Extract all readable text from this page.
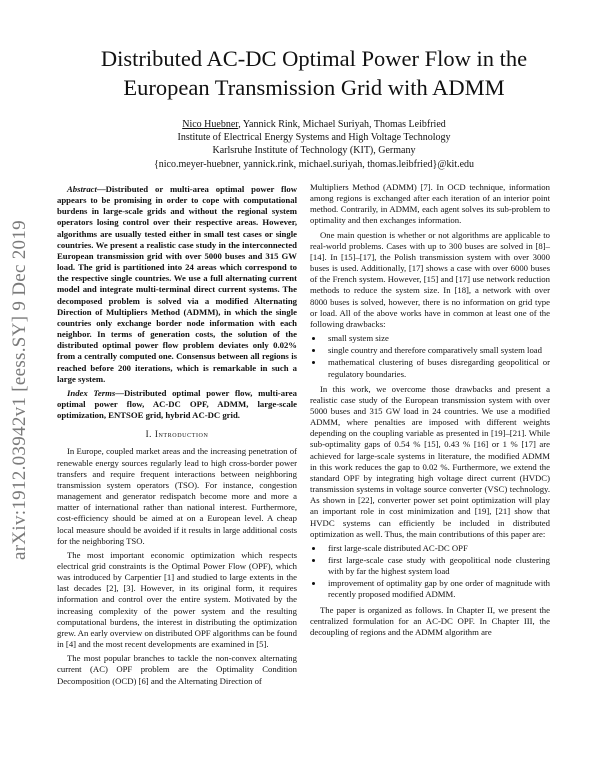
arXiv:1912.03942v1 [eess.SY] 9 Dec 2019
Distributed AC-DC Optimal Power Flow in the
European Transmission Grid with ADMM
Nico Huebner, Yannick Rink, Michael Suriyah, Thomas Leibfried
Institute of Electrical Energy Systems and High Voltage Technology
Karlsruhe Institute of Technology (KIT), Germany
{nico.meyer-huebner, yannick.rink, michael.suriyah, thomas.leibfried}@kit.edu

Abstract—Distributed or multi-area optimal power flow appears to be promising in order to cope with computational burdens in large-scale grids and without the regional system operators losing control over their respective areas. However, algorithms are usually tested either in small test cases or single countries. We present a realistic case study in the interconnected European transmission grid with over 5000 buses and 315 GW load. The grid is partitioned into 24 areas which correspond to the respective single countries. We use a full alternating current model and integrate multi-terminal direct current systems. The decomposed problem is solved via a modified Alternating Direction of Multipliers Method (ADMM), in which the single countries only exchange border node information with each neighbor. In terms of generation costs, the solution of the distributed optimal power flow problem deviates only 0.02% from a centrally computed one. Consensus between all regions is reached before 200 iterations, which is remarkable in such a large system.

Index Terms—Distributed optimal power flow, multi-area optimal power flow, AC-DC OPF, ADMM, large-scale optimization, ENTSOE grid, hybrid AC-DC grid.

I. Introduction

In Europe, coupled market areas and the increasing penetration of renewable energy sources regularly lead to high cross-border power transfers and require frequent interactions between neighboring transmission system operators (TSO). For instance, congestion management and generator redispatch become more and more a matter of international rather than national interest. Furthermore, cost-efficiency should be aimed at on a European level. A cheap local measure should be avoided if it results in large additional costs for the neighboring TSO.

The most important economic optimization which respects electrical grid constraints is the Optimal Power Flow (OPF), which was introduced by Carpentier [1] and studied to large extents in the last decades [2], [3]. However, in its original form, it requires information and control over the entire system. Motivated by the increasing complexity of the power system and the resulting computational burdens, the interest in distributing the optimization grew. An early overview on distributed OPF algorithms can be found in [4] and the most recent developments are examined in [5].

The most popular branches to tackle the non-convex alternating current (AC) OPF problem are the Optimality Condition Decomposition (OCD) [6] and the Alternating Direction of

Multipliers Method (ADMM) [7]. In OCD technique, information among regions is exchanged after each iteration of an interior point method. Contrarily, in ADMM, each agent solves its sub-problem to optimality and then exchanges information.

One main question is whether or not algorithms are applicable to real-world problems. Cases with up to 300 buses are solved in [8]–[14]. In [15]–[17], the Polish transmission system with over 3000 buses is used. Additionally, [17] shows a case with over 6000 buses of the French system. However, [15] and [17] use network reduction methods to reduce the system size. In [18], a network with over 8000 buses is solved, however, there is no information on grid type or load. All of the above works have in common at least one of the following drawbacks:

• small system size
• single country and therefore comparatively small system load
• mathematical clustering of buses disregarding geopolitical or regulatory boundaries.

In this work, we overcome those drawbacks and present a realistic case study of the European transmission system with over 5000 buses and 315 GW load in 24 countries. We use a modified ADMM, where penalties are imposed with different weights depending on the coupling variable as presented in [19]–[21]. While sub-optimality gaps of 0.54 % [15], 0.43 % [16] or 1 % [17] are achieved for large-scale systems in literature, the modified ADMM in this work reduces the gap to 0.02 %. Furthermore, we extend the standard OPF by integrating high voltage direct current (HVDC) transmission systems in voltage source converter (VSC) technology. As shown in [22], converter power set point optimization will play an important role in cost minimization and [19], [21] show that HVDC systems can efficiently be included in distributed optimization as well. Thus, the main contributions of this paper are:

• first large-scale distributed AC-DC OPF
• first large-scale case study with geopolitical node clustering with by far the highest system load
• improvement of optimality gap by one order of magnitude with recently proposed modified ADMM.

The paper is organized as follows. In Chapter II, we present the centralized formulation for an AC-DC OPF. In Chapter III, the decoupling of regions and the ADMM algorithm are
